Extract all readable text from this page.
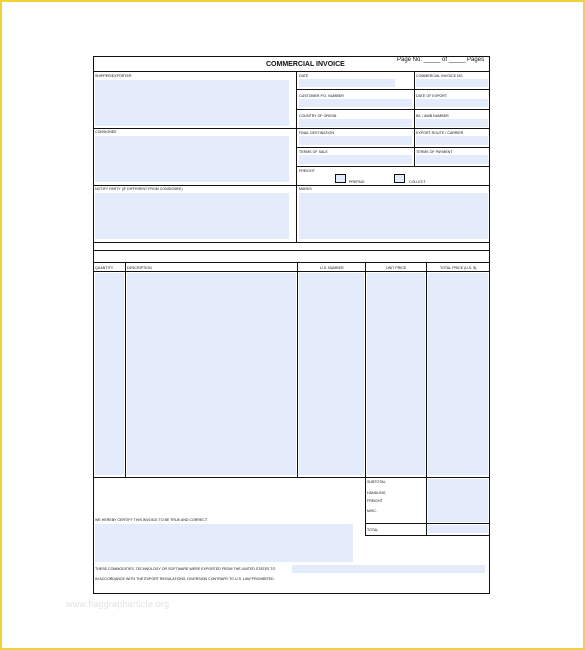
COMMERCIAL INVOICE
Page No. _____ of _____ Pages
SHIPPER/EXPORTER
CONSIGNEE
NOTIFY PARTY (IF DIFFERENT FROM CONSIGNEE)
DATE	COMMERCIAL INVOICE NO.
CUSTOMER P.O. NUMBER	DATE OF EXPORT
COUNTRY OF ORIGIN	B/L / AWB NUMBER
FINAL DESTINATION	EXPORT ROUTE / CARRIER
TERMS OF SALE	TERMS OF PAYMENT
FREIGHT
PREPAID	COLLECT
MARKS
QUANTITY	DESCRIPTION	U.S. NUMBER	UNIT PRICE	TOTAL PRICE (U.S. $)
SUBTOTAL
HANDLING
FREIGHT
MISC.
TOTAL
WE HEREBY CERTIFY THIS INVOICE TO BE TRUE AND CORRECT
THESE COMMODITIES, TECHNOLOGY OR SOFTWARE WERE EXPORTED FROM THE UNITED STATES TO
IN ACCORDANCE WITH THE EXPORT REGULATIONS. DIVERSION CONTRARY TO U.S. LAW PROHIBITED.
www.flaggrapharticle.org
